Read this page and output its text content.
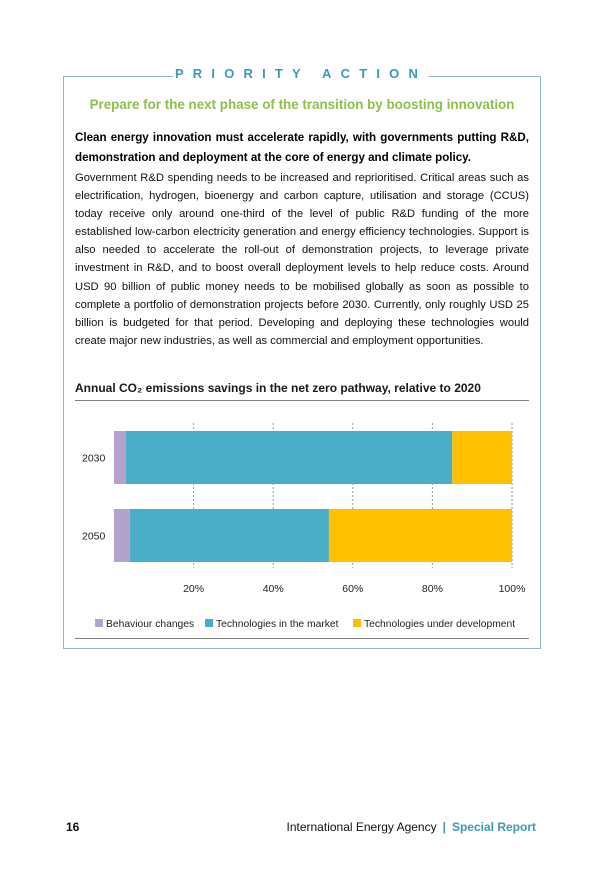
PRIORITY ACTION
Prepare for the next phase of the transition by boosting innovation
Clean energy innovation must accelerate rapidly, with governments putting R&D, demonstration and deployment at the core of energy and climate policy.
Government R&D spending needs to be increased and reprioritised. Critical areas such as electrification, hydrogen, bioenergy and carbon capture, utilisation and storage (CCUS) today receive only around one-third of the level of public R&D funding of the more established low-carbon electricity generation and energy efficiency technologies. Support is also needed to accelerate the roll-out of demonstration projects, to leverage private investment in R&D, and to boost overall deployment levels to help reduce costs. Around USD 90 billion of public money needs to be mobilised globally as soon as possible to complete a portfolio of demonstration projects before 2030. Currently, only roughly USD 25 billion is budgeted for that period. Developing and deploying these technologies would create major new industries, as well as commercial and employment opportunities.
Annual CO₂ emissions savings in the net zero pathway, relative to 2020
2030
2050
20%	40%	60%	80%	100%
Behaviour changes Technologies in the market Technologies under development
16	International Energy Agency | Special Report
